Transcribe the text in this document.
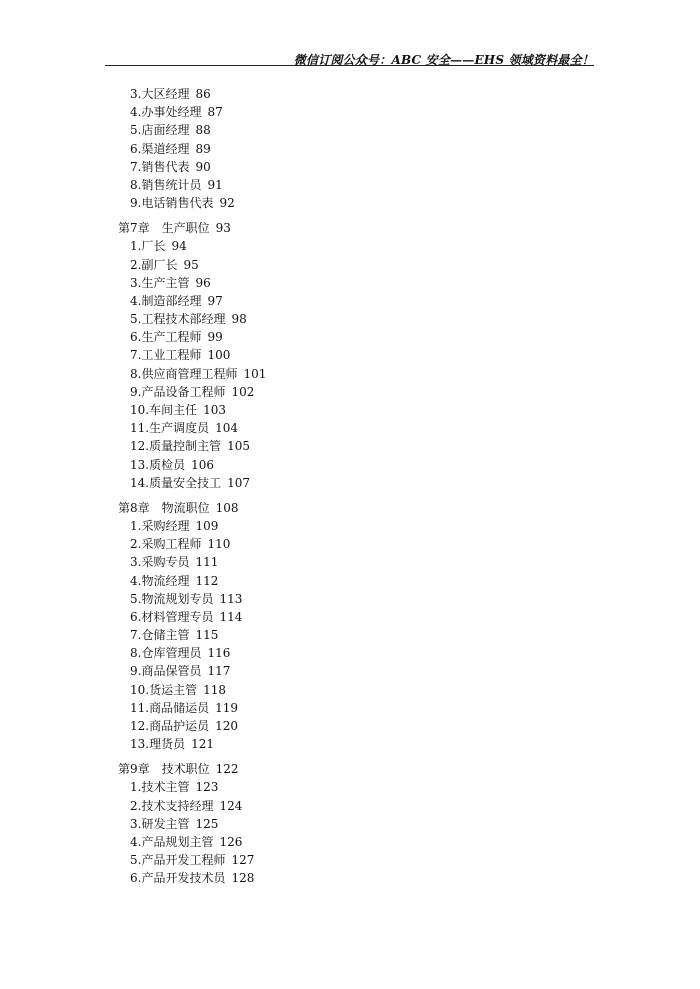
微信订阅公众号：ABC 安全——EHS 领域资料最全！
3.大区经理 86
4.办事处经理 87
5.店面经理 88
6.渠道经理 89
7.销售代表 90
8.销售统计员 91
9.电话销售代表 92
第7章 生产职位 93
1.厂长 94
2.副厂长 95
3.生产主管 96
4.制造部经理 97
5.工程技术部经理 98
6.生产工程师 99
7.工业工程师 100
8.供应商管理工程师 101
9.产品设备工程师 102
10.车间主任 103
11.生产调度员 104
12.质量控制主管 105
13.质检员 106
14.质量安全技工 107
第8章 物流职位 108
1.采购经理 109
2.采购工程师 110
3.采购专员 111
4.物流经理 112
5.物流规划专员 113
6.材料管理专员 114
7.仓储主管 115
8.仓库管理员 116
9.商品保管员 117
10.货运主管 118
11.商品储运员 119
12.商品护运员 120
13.理货员 121
第9章 技术职位 122
1.技术主管 123
2.技术支持经理 124
3.研发主管 125
4.产品规划主管 126
5.产品开发工程师 127
6.产品开发技术员 128
